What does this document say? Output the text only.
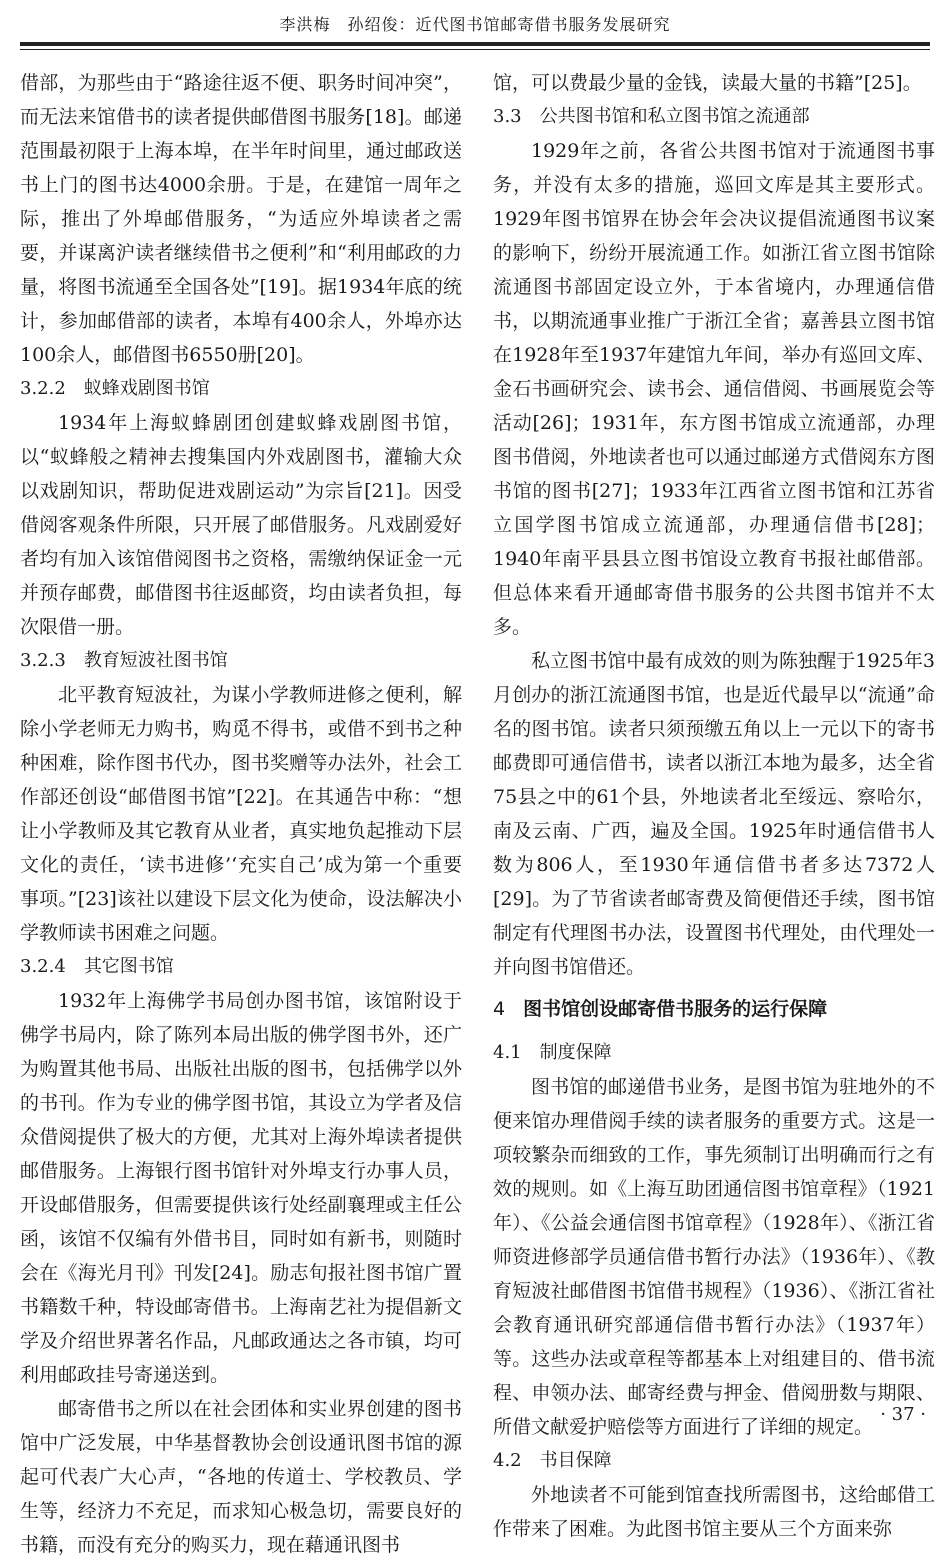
李洪梅　孙绍俊：近代图书馆邮寄借书服务发展研究

借部，为那些由于“路途往返不便、职务时间冲突”，而无法来馆借书的读者提供邮借图书服务[18]。邮递范围最初限于上海本埠，在半年时间里，通过邮政送书上门的图书达4000余册。于是，在建馆一周年之际，推出了外埠邮借服务，“为适应外埠读者之需要，并谋离沪读者继续借书之便利”和“利用邮政的力量，将图书流通至全国各处”[19]。据1934年底的统计，参加邮借部的读者，本埠有400余人，外埠亦达100余人，邮借图书6550册[20]。

3.2.2 蚁蜂戏剧图书馆

1934年上海蚁蜂剧团创建蚁蜂戏剧图书馆，以“蚁蜂般之精神去搜集国内外戏剧图书，灌输大众以戏剧知识，帮助促进戏剧运动”为宗旨[21]。因受借阅客观条件所限，只开展了邮借服务。凡戏剧爱好者均有加入该馆借阅图书之资格，需缴纳保证金一元并预存邮费，邮借图书往返邮资，均由读者负担，每次限借一册。

3.2.3 教育短波社图书馆

北平教育短波社，为谋小学教师进修之便利，解除小学老师无力购书，购觅不得书，或借不到书之种种困难，除作图书代办，图书奖赠等办法外，社会工作部还创设“邮借图书馆”[22]。在其通告中称：“想让小学教师及其它教育从业者，真实地负起推动下层文化的责任，‘读书进修’‘充实自己’成为第一个重要事项。”[23]该社以建设下层文化为使命，设法解决小学教师读书困难之问题。

3.2.4 其它图书馆

1932年上海佛学书局创办图书馆，该馆附设于佛学书局内，除了陈列本局出版的佛学图书外，还广为购置其他书局、出版社出版的图书，包括佛学以外的书刊。作为专业的佛学图书馆，其设立为学者及信众借阅提供了极大的方便，尤其对上海外埠读者提供邮借服务。上海银行图书馆针对外埠支行办事人员，开设邮借服务，但需要提供该行处经副襄理或主任公函，该馆不仅编有外借书目，同时如有新书，则随时会在《海光月刊》刊发[24]。励志旬报社图书馆广置书籍数千种，特设邮寄借书。上海南艺社为提倡新文学及介绍世界著名作品，凡邮政通达之各市镇，均可利用邮政挂号寄递送到。

邮寄借书之所以在社会团体和实业界创建的图书馆中广泛发展，中华基督教协会创设通讯图书馆的源起可代表广大心声，“各地的传道士、学校教员、学生等，经济力不充足，而求知心极急切，需要良好的书籍，而没有充分的购买力，现在藉通讯图书

馆，可以费最少量的金钱，读最大量的书籍”[25]。

3.3 公共图书馆和私立图书馆之流通部

1929年之前，各省公共图书馆对于流通图书事务，并没有太多的措施，巡回文库是其主要形式。1929年图书馆界在协会年会决议提倡流通图书议案的影响下，纷纷开展流通工作。如浙江省立图书馆除流通图书部固定设立外，于本省境内，办理通信借书，以期流通事业推广于浙江全省；嘉善县立图书馆在1928年至1937年建馆九年间，举办有巡回文库、金石书画研究会、读书会、通信借阅、书画展览会等活动[26]；1931年，东方图书馆成立流通部，办理图书借阅，外地读者也可以通过邮递方式借阅东方图书馆的图书[27]；1933年江西省立图书馆和江苏省立国学图书馆成立流通部，办理通信借书[28]；1940年南平县县立图书馆设立教育书报社邮借部。但总体来看开通邮寄借书服务的公共图书馆并不太多。

私立图书馆中最有成效的则为陈独醒于1925年3月创办的浙江流通图书馆，也是近代最早以“流通”命名的图书馆。读者只须预缴五角以上一元以下的寄书邮费即可通信借书，读者以浙江本地为最多，达全省75县之中的61个县，外地读者北至绥远、察哈尔，南及云南、广西，遍及全国。1925年时通信借书人数为806人，至1930年通信借书者多达7372人[29]。为了节省读者邮寄费及简便借还手续，图书馆制定有代理图书办法，设置图书代理处，由代理处一并向图书馆借还。

4 图书馆创设邮寄借书服务的运行保障
4.1 制度保障

图书馆的邮递借书业务，是图书馆为驻地外的不便来馆办理借阅手续的读者服务的重要方式。这是一项较繁杂而细致的工作，事先须制订出明确而行之有效的规则。如《上海互助团通信图书馆章程》（1921年）、《公益会通信图书馆章程》（1928年）、《浙江省师资进修部学员通信借书暂行办法》（1936年）、《教育短波社邮借图书馆借书规程》（1936）、《浙江省社会教育通讯研究部通信借书暂行办法》（1937年）等。这些办法或章程等都基本上对组建目的、借书流程、申领办法、邮寄经费与押金、借阅册数与期限、所借文献爱护赔偿等方面进行了详细的规定。

4.2 书目保障

外地读者不可能到馆查找所需图书，这给邮借工作带来了困难。为此图书馆主要从三个方面来弥

· 37 ·
